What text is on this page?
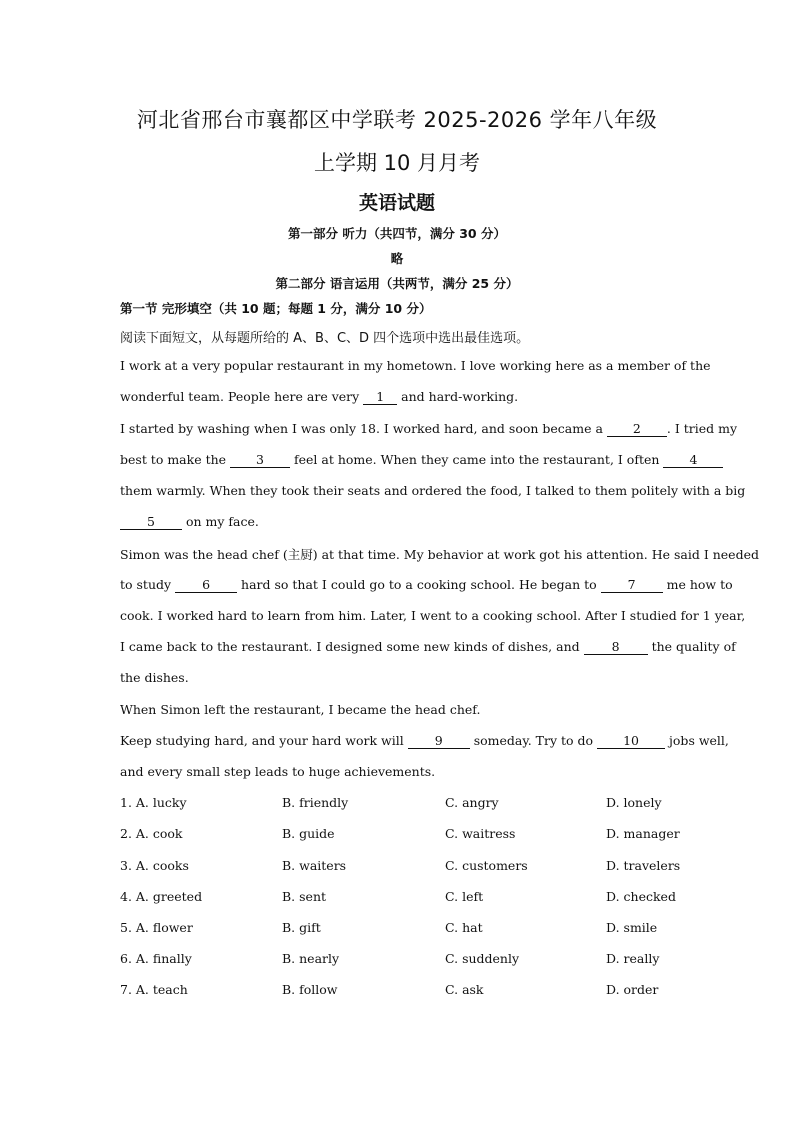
河北省邢台市襄都区中学联考 2025-2026 学年八年级
上学期 10 月月考
英语试题
第一部分 听力（共四节，满分 30 分）
略
第二部分 语言运用（共两节，满分 25 分）
第一节 完形填空（共 10 题；每题 1 分，满分 10 分）
阅读下面短文，从每题所给的 A、B、C、D 四个选项中选出最佳选项。
I work at a very popular restaurant in my hometown. I love working here as a member of the
wonderful team. People here are very 1 and hard-working.
I started by washing when I was only 18. I worked hard, and soon became a 2 . I tried my
best to make the 3 feel at home. When they came into the restaurant, I often 4
them warmly. When they took their seats and ordered the food, I talked to them politely with a big
5 on my face.
Simon was the head chef (主厨) at that time. My behavior at work got his attention. He said I needed
to study 6 hard so that I could go to a cooking school. He began to 7 me how to
cook. I worked hard to learn from him. Later, I went to a cooking school. After I studied for 1 year,
I came back to the restaurant. I designed some new kinds of dishes, and 8 the quality of
the dishes.
When Simon left the restaurant, I became the head chef.
Keep studying hard, and your hard work will 9 someday. Try to do 10 jobs well,
and every small step leads to huge achievements.
1. A. lucky	B. friendly	C. angry	D. lonely
2. A. cook	B. guide	C. waitress	D. manager
3. A. cooks	B. waiters	C. customers	D. travelers
4. A. greeted	B. sent	C. left	D. checked
5. A. flower	B. gift	C. hat	D. smile
6. A. finally	B. nearly	C. suddenly	D. really
7. A. teach	B. follow	C. ask	D. order
